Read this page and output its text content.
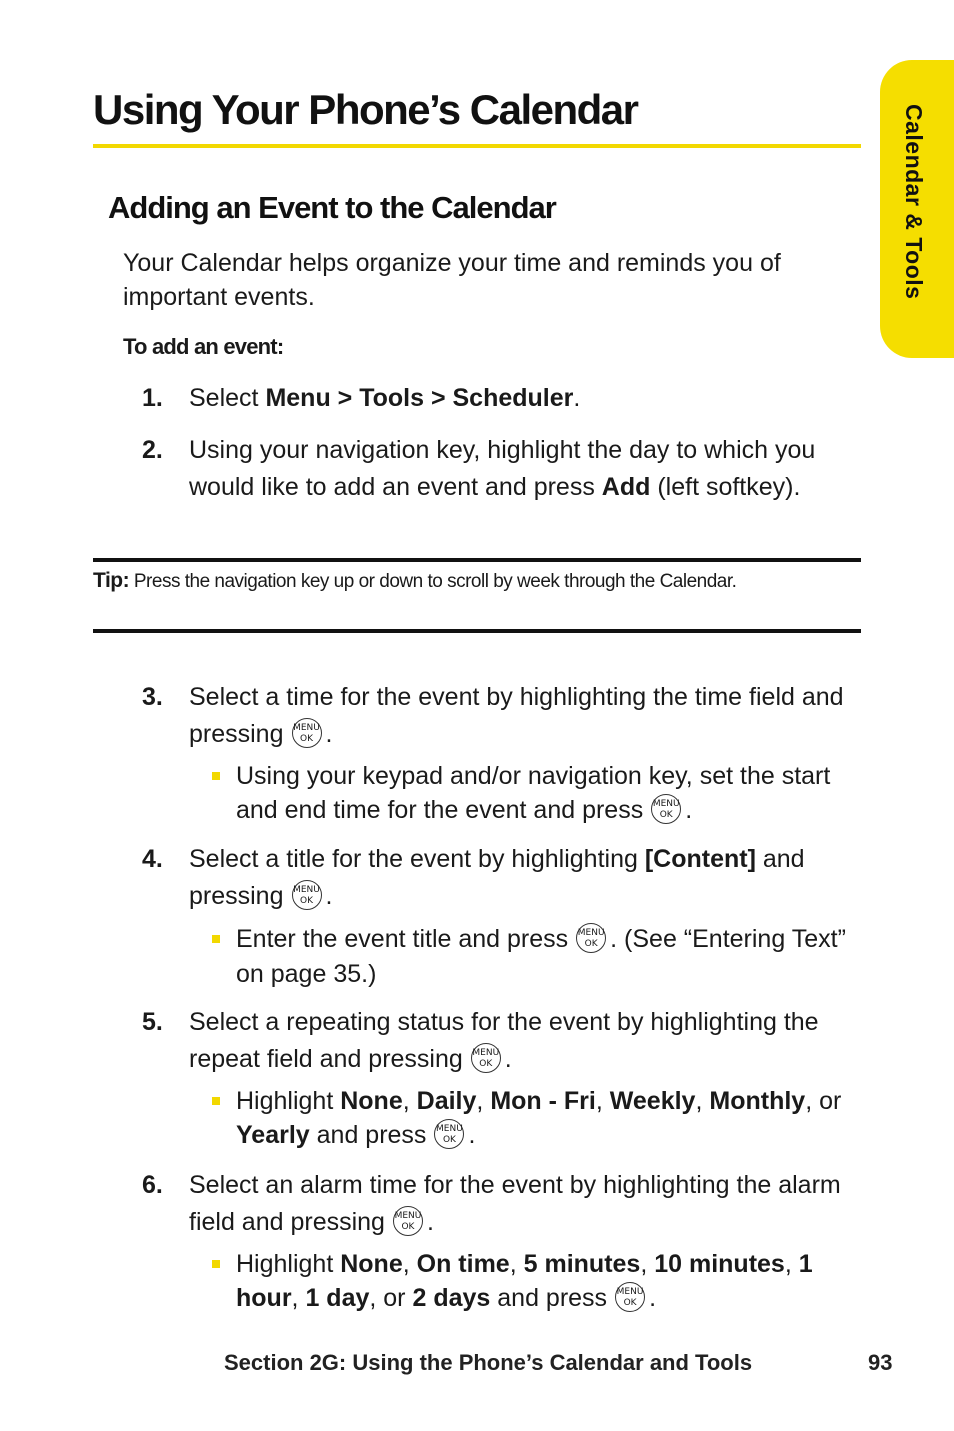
Using Your Phone’s Calendar	Calendar & Tools
Adding an Event to the Calendar

Your Calendar helps organize your time and reminds you of important events.

To add an event:
1. Select Menu > Tools > Scheduler.
2. Using your navigation key, highlight the day to which you would like to add an event and press Add (left softkey).

Tip: Press the navigation key up or down to scroll by week through the Calendar.

3. Select a time for the event by highlighting the time field and pressing MENU
OK .
Using your keypad and/or navigation key, set the start and end time for the event and press MENU
OK .
4. Select a title for the event by highlighting [Content] and pressing MENU
OK .
Enter the event title and press MENU
OK . (See “Entering Text” on page 35.)
5. Select a repeating status for the event by highlighting the repeat field and pressing MENU
OK .
Highlight None, Daily, Mon - Fri, Weekly, Monthly, or Yearly and press MENU
OK .
6. Select an alarm time for the event by highlighting the alarm field and pressing MENU
OK .
Highlight None, On time, 5 minutes, 10 minutes, 1 hour, 1 day, or 2 days and press MENU
OK .
Section 2G: Using the Phone’s Calendar and Tools	93
